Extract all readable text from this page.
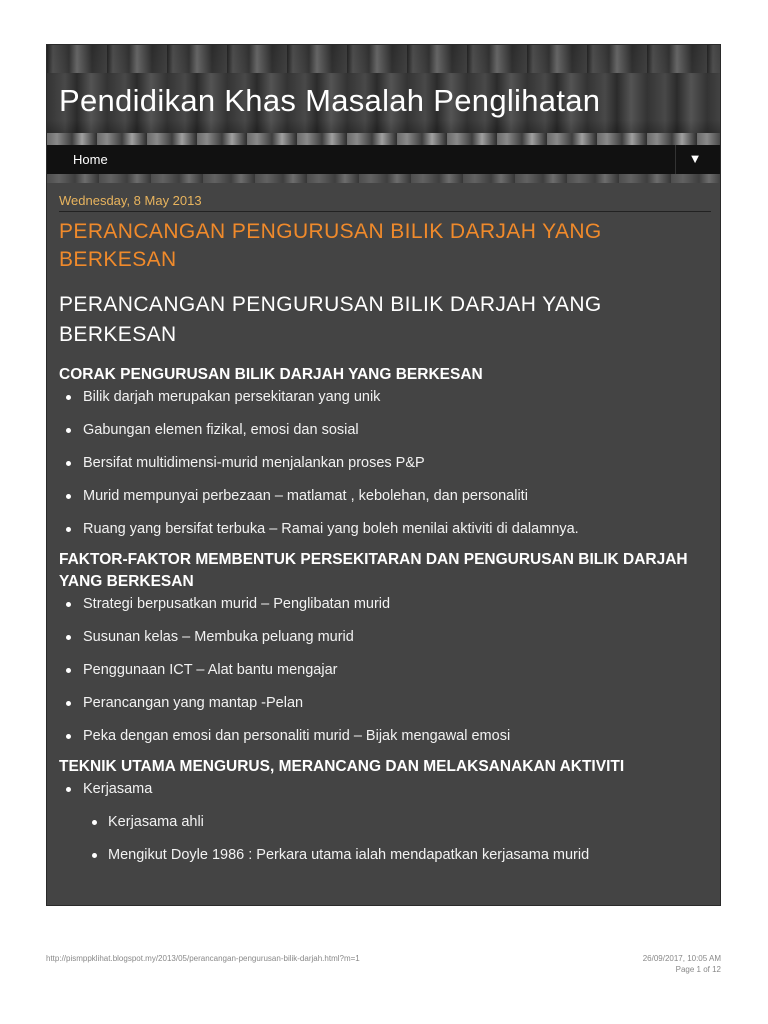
Pendidikan Khas Masalah Penglihatan
Home	▼
Wednesday, 8 May 2013
PERANCANGAN PENGURUSAN BILIK DARJAH YANG BERKESAN
PERANCANGAN PENGURUSAN BILIK DARJAH YANG BERKESAN
CORAK PENGURUSAN BILIK DARJAH YANG BERKESAN
Bilik darjah merupakan persekitaran yang unik
Gabungan elemen fizikal, emosi dan sosial
Bersifat multidimensi-murid menjalankan proses P&P
Murid mempunyai perbezaan – matlamat , kebolehan, dan personaliti
Ruang yang bersifat terbuka – Ramai yang boleh menilai aktiviti di dalamnya.
FAKTOR-FAKTOR MEMBENTUK PERSEKITARAN DAN PENGURUSAN BILIK DARJAH YANG BERKESAN
Strategi berpusatkan murid – Penglibatan murid
Susunan kelas – Membuka peluang murid
Penggunaan ICT – Alat bantu mengajar
Perancangan yang mantap -Pelan
Peka dengan emosi dan personaliti murid – Bijak mengawal emosi
TEKNIK UTAMA MENGURUS, MERANCANG DAN MELAKSANAKAN AKTIVITI
Kerjasama
Kerjasama ahli
Mengikut Doyle 1986 : Perkara utama ialah mendapatkan kerjasama murid
http://pismppklihat.blogspot.my/2013/05/perancangan-pengurusan-bilik-darjah.html?m=1	26/09/2017, 10:05 AM
Page 1 of 12
